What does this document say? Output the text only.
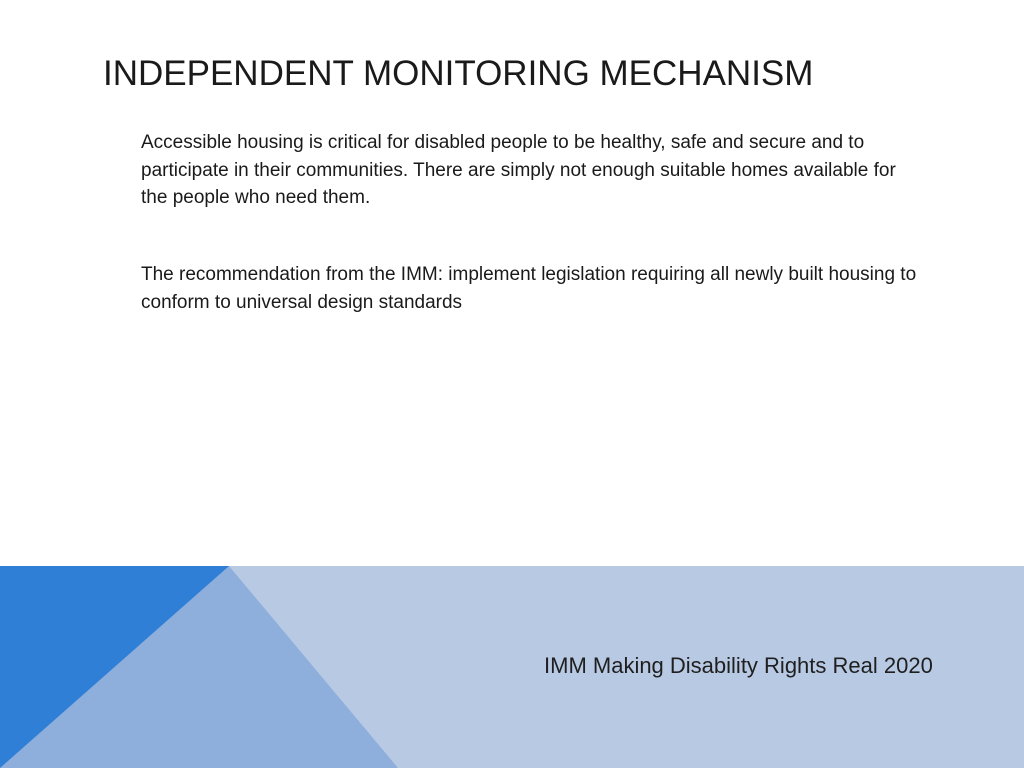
INDEPENDENT MONITORING MECHANISM
Accessible housing is critical for disabled people to be healthy, safe and secure and to participate in their communities. There are simply not enough suitable homes available for the people who need them.
The recommendation from the IMM: implement legislation requiring all newly built housing to conform to universal design standards
IMM Making Disability Rights Real 2020
